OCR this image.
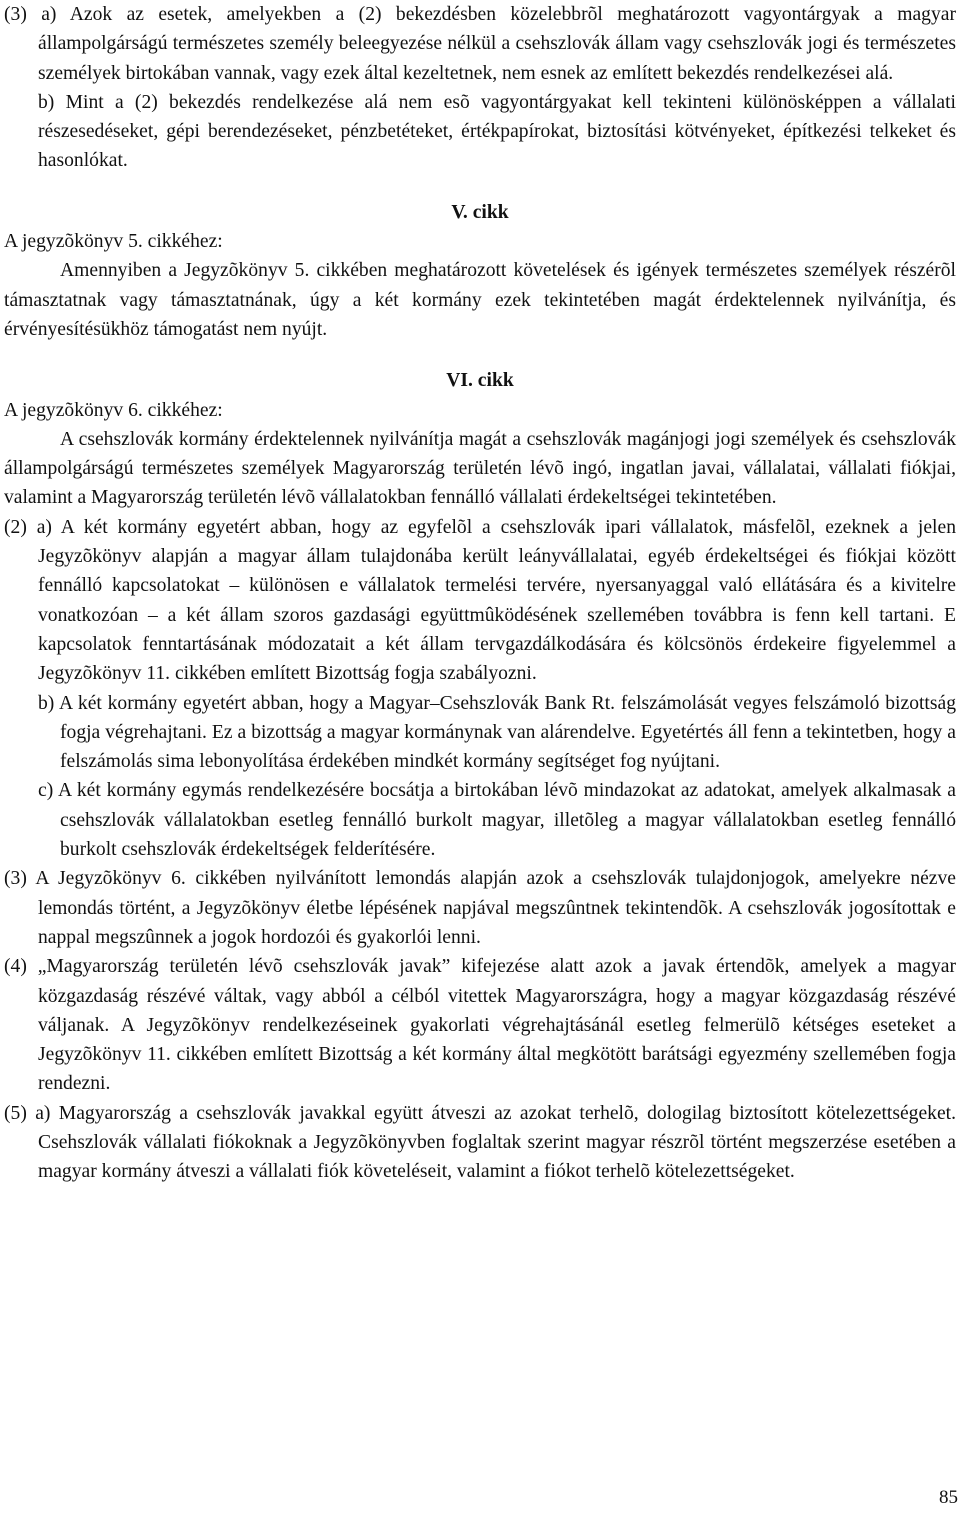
(3) a) Azok az esetek, amelyekben a (2) bekezdésben közelebbrõl meghatározott vagyontárgyak a magyar állampolgárságú természetes személy beleegyezése nélkül a csehszlovák állam vagy csehszlovák jogi és természetes személyek birtokában vannak, vagy ezek által kezeltetnek, nem esnek az említett bekezdés rendelkezései alá.

b) Mint a (2) bekezdés rendelkezése alá nem esõ vagyontárgyakat kell tekinteni különösképpen a vállalati részesedéseket, gépi berendezéseket, pénzbetéteket, értékpapírokat, biztosítási kötvényeket, építkezési telkeket és hasonlókat.

V. cikk

A jegyzõkönyv 5. cikkéhez:

Amennyiben a Jegyzõkönyv 5. cikkében meghatározott követelések és igények természetes személyek részérõl támasztatnak vagy támasztatnának, úgy a két kormány ezek tekintetében magát érdektelennek nyilvánítja, és érvényesítésükhöz támogatást nem nyújt.

VI. cikk

A jegyzõkönyv 6. cikkéhez:

A csehszlovák kormány érdektelennek nyilvánítja magát a csehszlovák magánjogi jogi személyek és csehszlovák állampolgárságú természetes személyek Magyarország területén lévõ ingó, ingatlan javai, vállalatai, vállalati fiókjai, valamint a Magyarország területén lévõ vállalatokban fennálló vállalati érdekeltségei tekintetében.

(2) a) A két kormány egyetért abban, hogy az egyfelõl a csehszlovák ipari vállalatok, másfelõl, ezeknek a jelen Jegyzõkönyv alapján a magyar állam tulajdonába került leányvállalatai, egyéb érdekeltségei és fiókjai között fennálló kapcsolatokat – különösen e vállalatok termelési tervére, nyersanyaggal való ellátására és a kivitelre vonatkozóan – a két állam szoros gazdasági együttmûködésének szellemében továbbra is fenn kell tartani. E kapcsolatok fenntartásának módozatait a két állam tervgazdálkodására és kölcsönös érdekeire figyelemmel a Jegyzõkönyv 11. cikkében említett Bizottság fogja szabályozni.

b) A két kormány egyetért abban, hogy a Magyar–Csehszlovák Bank Rt. felszámolását vegyes felszámoló bizottság fogja végrehajtani. Ez a bizottság a magyar kormánynak van alárendelve. Egyetértés áll fenn a tekintetben, hogy a felszámolás sima lebonyolítása érdekében mindkét kormány segítséget fog nyújtani.

c) A két kormány egymás rendelkezésére bocsátja a birtokában lévõ mindazokat az adatokat, amelyek alkalmasak a csehszlovák vállalatokban esetleg fennálló burkolt magyar, illetõleg a magyar vállalatokban esetleg fennálló burkolt csehszlovák érdekeltségek felderítésére.

(3) A Jegyzõkönyv 6. cikkében nyilvánított lemondás alapján azok a csehszlovák tulajdonjogok, amelyekre nézve lemondás történt, a Jegyzõkönyv életbe lépésének napjával megszûntnek tekintendõk. A csehszlovák jogosítottak e nappal megszûnnek a jogok hordozói és gyakorlói lenni.

(4) „Magyarország területén lévõ csehszlovák javak” kifejezése alatt azok a javak értendõk, amelyek a magyar közgazdaság részévé váltak, vagy abból a célból vitettek Magyarországra, hogy a magyar közgazdaság részévé váljanak. A Jegyzõkönyv rendelkezéseinek gyakorlati végrehajtásánál esetleg felmerülõ kétséges eseteket a Jegyzõkönyv 11. cikkében említett Bizottság a két kormány által megkötött barátsági egyezmény szellemében fogja rendezni.

(5) a) Magyarország a csehszlovák javakkal együtt átveszi az azokat terhelõ, dologilag biztosított kötelezettségeket. Csehszlovák vállalati fiókoknak a Jegyzõkönyvben foglaltak szerint magyar részrõl történt megszerzése esetében a magyar kormány átveszi a vállalati fiók követeléseit, valamint a fiókot terhelõ kötelezettségeket.

85
